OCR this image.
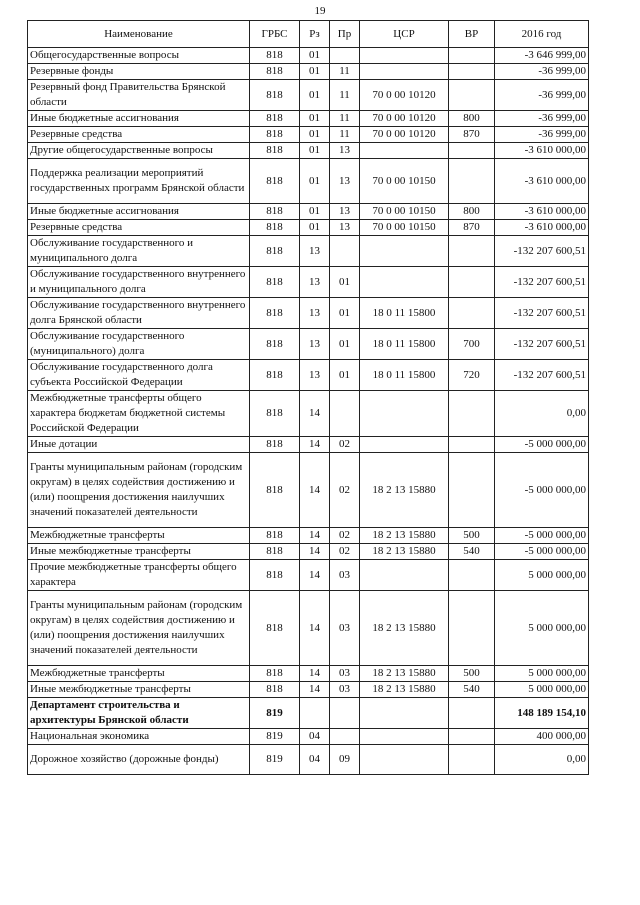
19
Наименование	ГРБС	Рз	Пр	ЦСР	ВР	2016 год
Общегосударственные вопросы	818	01				-3 646 999,00
Резервные фонды	818	01	11			-36 999,00
Резервный фонд Правительства Брянской области	818	01	11	70 0 00 10120		-36 999,00
Иные бюджетные ассигнования	818	01	11	70 0 00 10120	800	-36 999,00
Резервные средства	818	01	11	70 0 00 10120	870	-36 999,00
Другие общегосударственные вопросы	818	01	13			-3 610 000,00
Поддержка реализации мероприятий государственных программ Брянской области	818	01	13	70 0 00 10150		-3 610 000,00
Иные бюджетные ассигнования	818	01	13	70 0 00 10150	800	-3 610 000,00
Резервные средства	818	01	13	70 0 00 10150	870	-3 610 000,00
Обслуживание государственного и муниципального долга	818	13				-132 207 600,51
Обслуживание государственного внутреннего и муниципального долга	818	13	01			-132 207 600,51
Обслуживание государственного внутреннего долга Брянской области	818	13	01	18 0 11 15800		-132 207 600,51
Обслуживание государственного (муниципального) долга	818	13	01	18 0 11 15800	700	-132 207 600,51
Обслуживание государственного долга субъекта Российской Федерации	818	13	01	18 0 11 15800	720	-132 207 600,51
Межбюджетные трансферты общего характера бюджетам бюджетной системы Российской Федерации	818	14				0,00
Иные дотации	818	14	02			-5 000 000,00
Гранты муниципальным районам (городским округам) в целях содействия достижению и (или) поощрения достижения наилучших значений показателей деятельности	818	14	02	18 2 13 15880		-5 000 000,00
Межбюджетные трансферты	818	14	02	18 2 13 15880	500	-5 000 000,00
Иные межбюджетные трансферты	818	14	02	18 2 13 15880	540	-5 000 000,00
Прочие межбюджетные трансферты общего характера	818	14	03			5 000 000,00
Гранты муниципальным районам (городским округам) в целях содействия достижению и (или) поощрения достижения наилучших значений показателей деятельности	818	14	03	18 2 13 15880		5 000 000,00
Межбюджетные трансферты	818	14	03	18 2 13 15880	500	5 000 000,00
Иные межбюджетные трансферты	818	14	03	18 2 13 15880	540	5 000 000,00
Департамент строительства и архитектуры Брянской области	819					148 189 154,10
Национальная экономика	819	04				400 000,00
Дорожное хозяйство (дорожные фонды)	819	04	09			0,00
